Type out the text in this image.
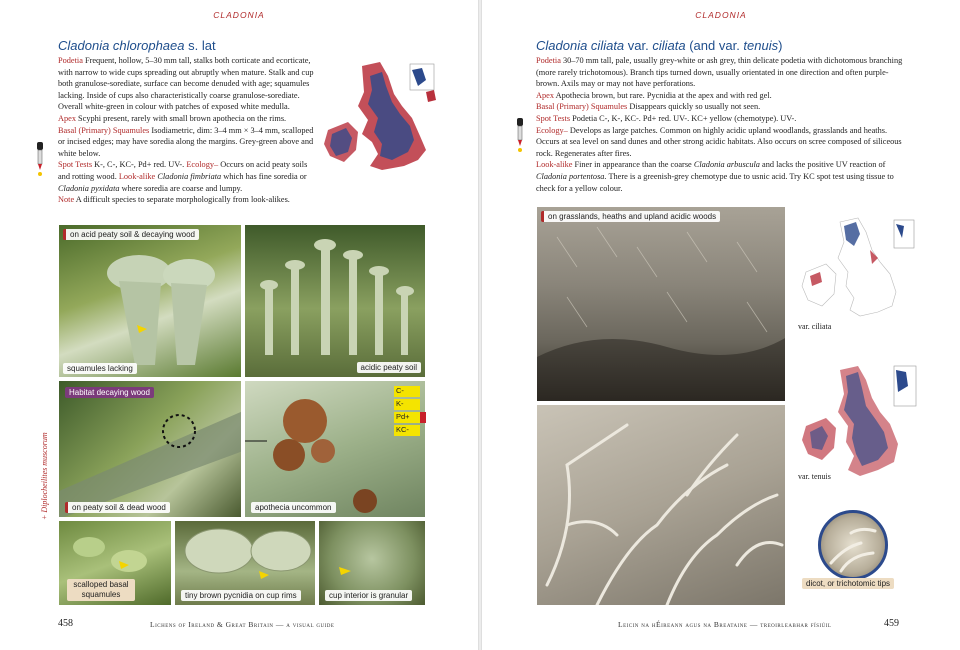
CLADONIA
Cladonia chlorophaea s. lat
Podetia Frequent, hollow, 5–30 mm tall, stalks both corticate and ecorticate, with narrow to wide cups spreading out abruptly when mature. Stalk and cup both granulose-sorediate, surface can become denuded with age; squamules lacking. Inside of cups also characteristically coarse granulose-sorediate. Overall white-green in colour with patches of exposed white medulla.
Apex Scyphi present, rarely with small brown apothecia on the rims.
Basal (Primary) Squamules Isodiametric, dim: 3–4 mm × 3–4 mm, scalloped or incised edges; may have soredia along the margins. Grey-green above and white below.
Spot Tests K-, C-, KC-, Pd+ red. UV-. Ecology– Occurs on acid peaty soils and rotting wood. Look-alike Cladonia fimbriata which has fine soredia or Cladonia pyxidata where soredia are coarse and lumpy.
Note A difficult species to separate morphologically from look-alikes.
on acid peaty soil & decaying wood
squamules lacking	acidic peaty soil
Habitat decaying wood
on peaty soil & dead wood	apothecia uncommon
C-
K-
Pd+
KC-
scalloped basal squamules	tiny brown pycnidia on cup rims	cup interior is granular
+ Diplocheilites muscorum
458	Lichens of Ireland & Great Britain — a visual guide
CLADONIA
Cladonia ciliata var. ciliata (and var. tenuis)
Podetia 30–70 mm tall, pale, usually grey-white or ash grey, thin delicate podetia with dichotomous branching (more rarely trichotomous). Branch tips turned down, usually orientated in one direction and often purple-brown. Axils may or may not have perforations.
Apex Apothecia brown, but rare. Pycnidia at the apex and with red gel.
Basal (Primary) Squamules Disappears quickly so usually not seen.
Spot Tests Podetia C-, K-, KC-. Pd+ red. UV-. KC+ yellow (chemotype). UV-.
Ecology– Develops as large patches. Common on highly acidic upland woodlands, grasslands and heaths. Occurs at sea level on sand dunes and other strong acidic habitats. Also occurs on scree composed of siliceous rock. Regenerates after fires.
Look-alike Finer in appearance than the coarse Cladonia arbuscula and lacks the positive UV reaction of Cladonia portentosa. There is a greenish-grey chemotype due to usnic acid. Try KC spot test using tissue to check for a yellow colour.
on grasslands, heaths and upland acidic woods
var. ciliata
var. tenuis
dicot, or trichotomic tips
Leicin na hÉireann agus na Breataine — treoirleabhar físiúil	459
